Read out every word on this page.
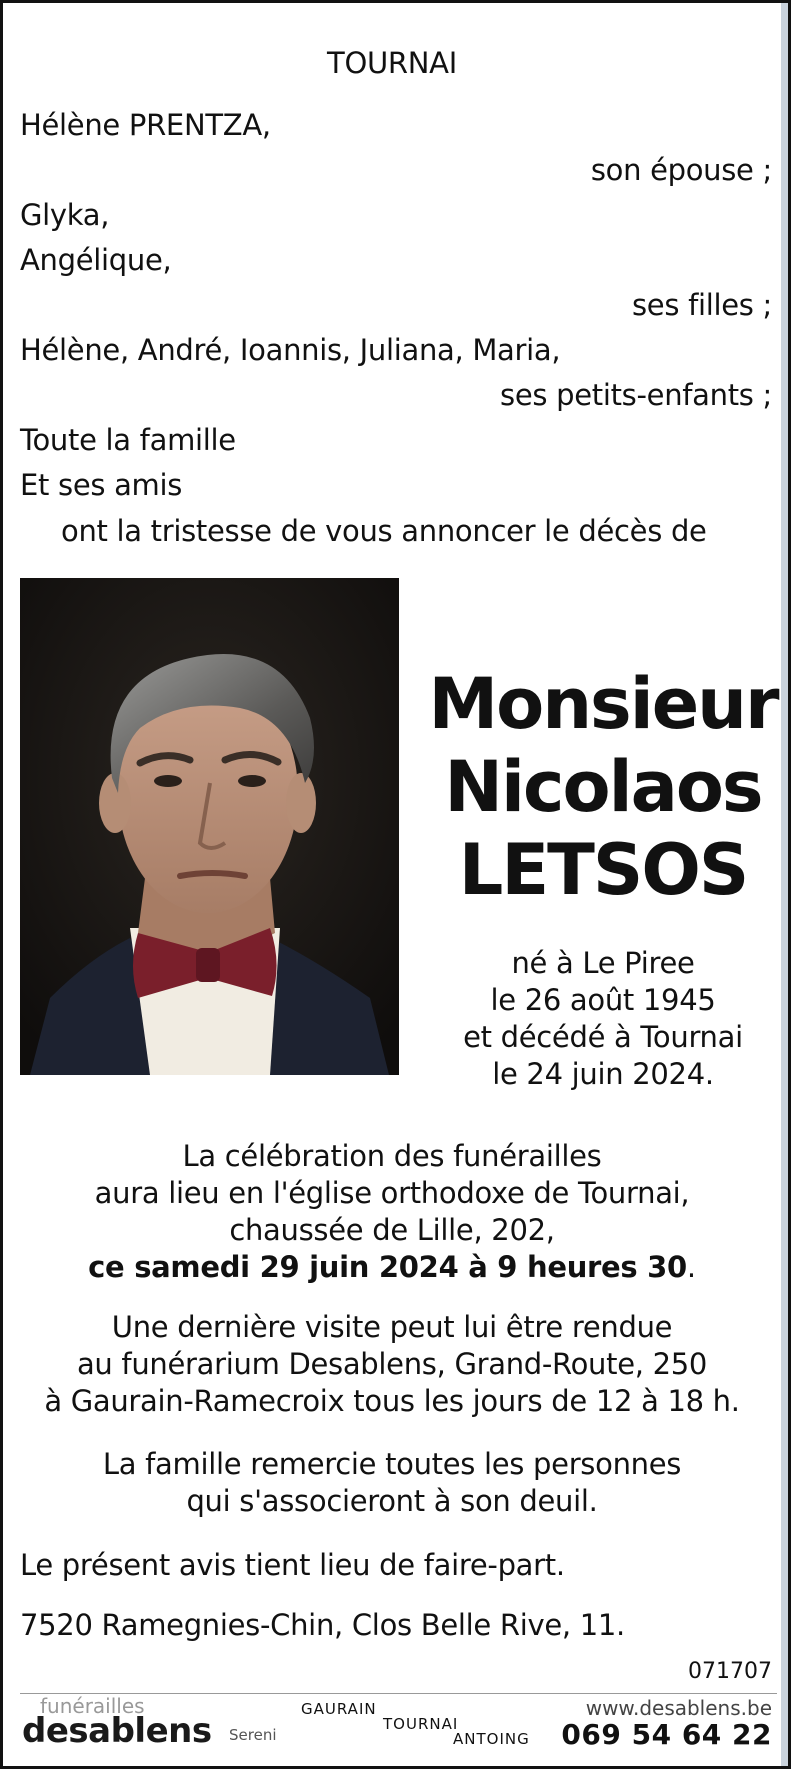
TOURNAI
Hélène PRENTZA,
son épouse ;
Glyka,
Angélique,
ses filles ;
Hélène, André, Ioannis, Juliana, Maria,
ses petits-enfants ;
Toute la famille
Et ses amis
ont la tristesse de vous annoncer le décès de
Monsieur
Nicolaos
LETSOS
né à Le Piree
le 26 août 1945
et décédé à Tournai
le 24 juin 2024.
La célébration des funérailles
aura lieu en l'église orthodoxe de Tournai,
chaussée de Lille, 202,
ce samedi 29 juin 2024 à 9 heures 30.
Une dernière visite peut lui être rendue
au funérarium Desablens, Grand-Route, 250
à Gaurain-Ramecroix tous les jours de 12 à 18 h.
La famille remercie toutes les personnes
qui s'associeront à son deuil.
Le présent avis tient lieu de faire-part.
7520 Ramegnies-Chin, Clos Belle Rive, 11.
071707
funérailles
desablens Sereni
GAURAIN
TOURNAI
ANTOING
www.desablens.be
069 54 64 22
